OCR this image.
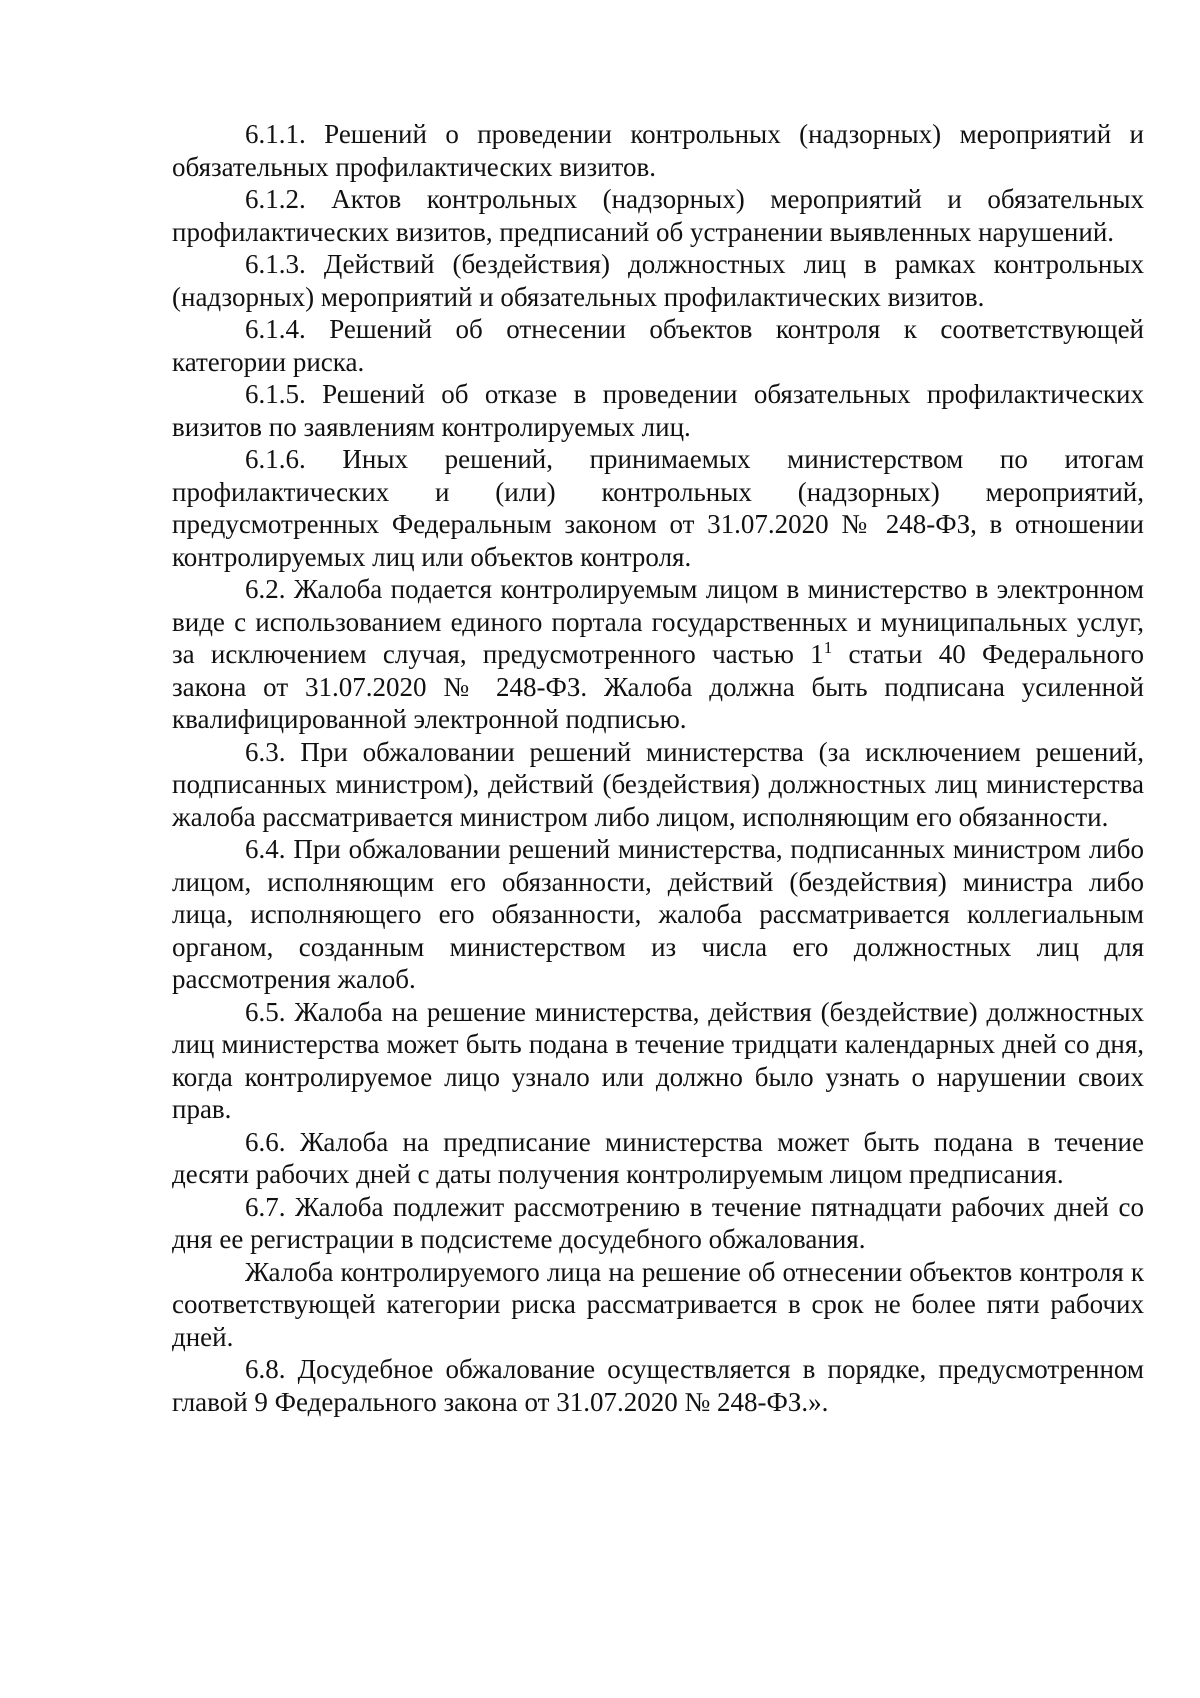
6.1.1. Решений о проведении контрольных (надзорных) мероприятий и обязательных профилактических визитов.

6.1.2. Актов контрольных (надзорных) мероприятий и обязательных профилактических визитов, предписаний об устранении выявленных нарушений.

6.1.3. Действий (бездействия) должностных лиц в рамках контрольных (надзорных) мероприятий и обязательных профилактических визитов.

6.1.4. Решений об отнесении объектов контроля к соответствующей категории риска.

6.1.5. Решений об отказе в проведении обязательных профилактических визитов по заявлениям контролируемых лиц.

6.1.6. Иных решений, принимаемых министерством по итогам профилактических и (или) контрольных (надзорных) мероприятий, предусмотренных Федеральным законом от 31.07.2020 № 248-ФЗ, в отношении контролируемых лиц или объектов контроля.

6.2. Жалоба подается контролируемым лицом в министерство в электронном виде с использованием единого портала государственных и муниципальных услуг, за исключением случая, предусмотренного частью $1^1$ статьи 40 Федерального закона от 31.07.2020 № 248-ФЗ. Жалоба должна быть подписана усиленной квалифицированной электронной подписью.

6.3. При обжаловании решений министерства (за исключением решений, подписанных министром), действий (бездействия) должностных лиц министерства жалоба рассматривается министром либо лицом, исполняющим его обязанности.

6.4. При обжаловании решений министерства, подписанных министром либо лицом, исполняющим его обязанности, действий (бездействия) министра либо лица, исполняющего его обязанности, жалоба рассматривается коллегиальным органом, созданным министерством из числа его должностных лиц для рассмотрения жалоб.

6.5. Жалоба на решение министерства, действия (бездействие) должностных лиц министерства может быть подана в течение тридцати календарных дней со дня, когда контролируемое лицо узнало или должно было узнать о нарушении своих прав.

6.6. Жалоба на предписание министерства может быть подана в течение десяти рабочих дней с даты получения контролируемым лицом предписания.

6.7. Жалоба подлежит рассмотрению в течение пятнадцати рабочих дней со дня ее регистрации в подсистеме досудебного обжалования.

Жалоба контролируемого лица на решение об отнесении объектов контроля к соответствующей категории риска рассматривается в срок не более пяти рабочих дней.

6.8. Досудебное обжалование осуществляется в порядке, предусмотренном главой 9 Федерального закона от 31.07.2020 № 248-ФЗ.».
